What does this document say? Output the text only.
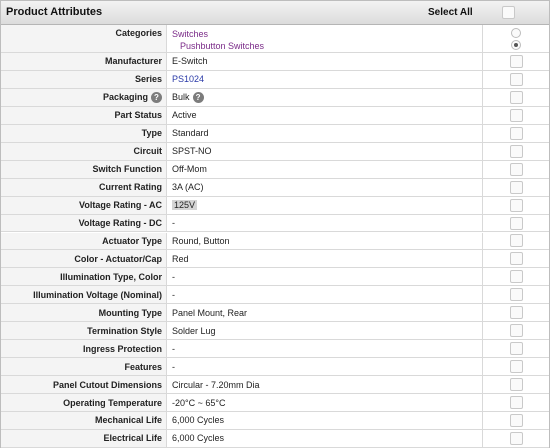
Product Attributes	Select All
Categories	Switches
Pushbutton Switches
Manufacturer	E-Switch
Series	PS1024
Packaging ?	Bulk ?
Part Status	Active
Type	Standard
Circuit	SPST-NO
Switch Function	Off-Mom
Current Rating	3A (AC)
Voltage Rating - AC	125V
Voltage Rating - DC	-
Actuator Type	Round, Button
Color - Actuator/Cap	Red
Illumination Type, Color	-
Illumination Voltage (Nominal)	-
Mounting Type	Panel Mount, Rear
Termination Style	Solder Lug
Ingress Protection	-
Features	-
Panel Cutout Dimensions	Circular - 7.20mm Dia
Operating Temperature	-20°C ~ 65°C
Mechanical Life	6,000 Cycles
Electrical Life	6,000 Cycles
